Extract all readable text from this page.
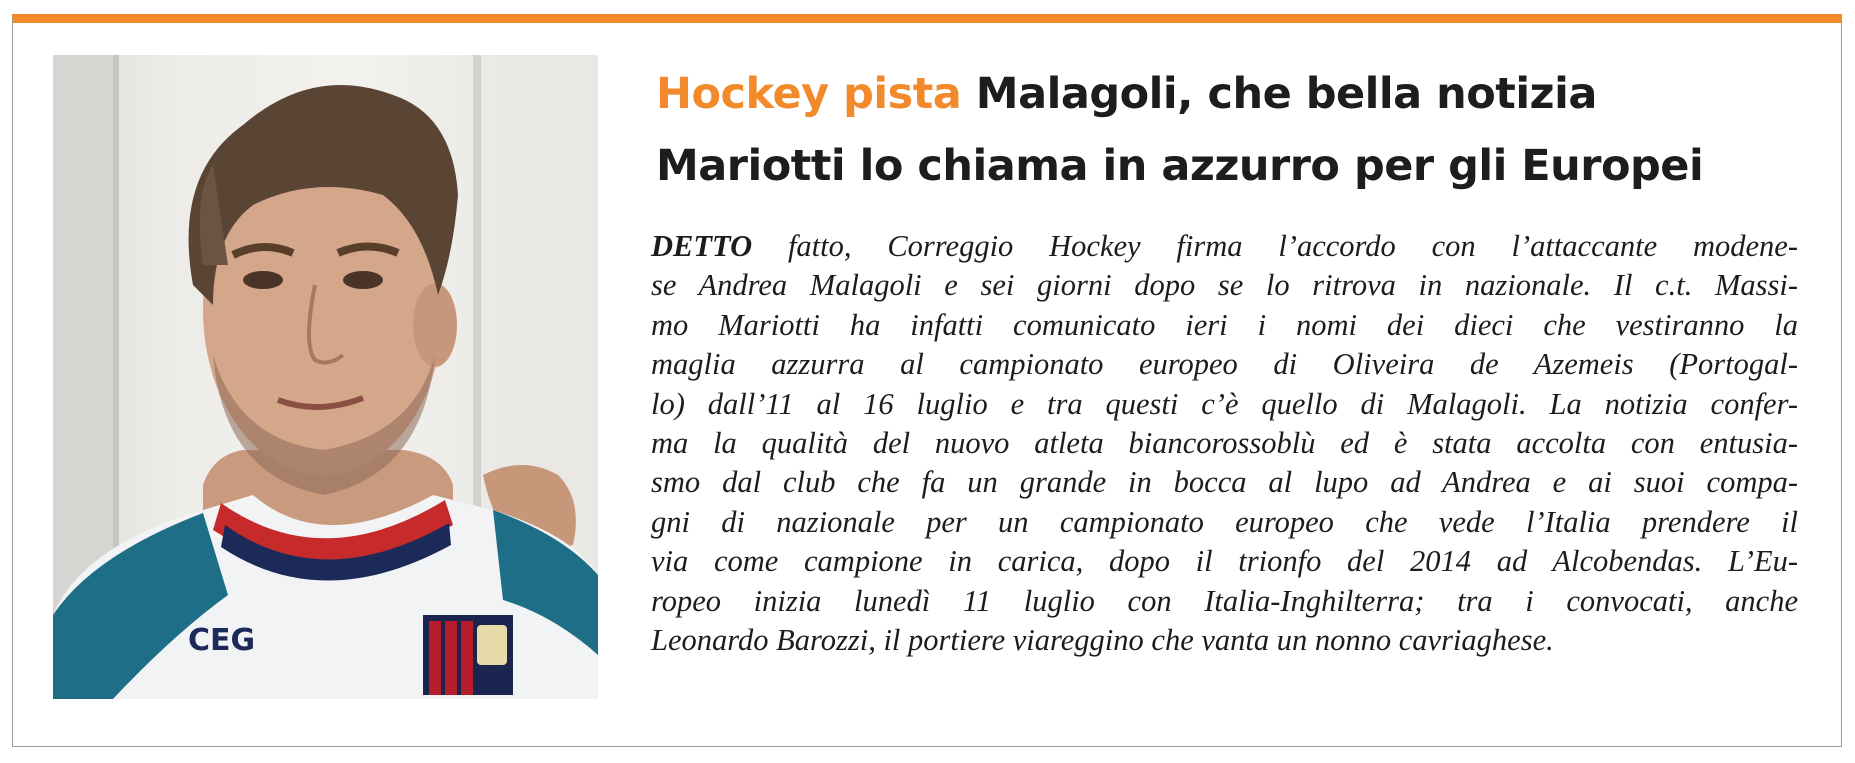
CEG
Hockey pista Malagoli, che bella notizia
Mariotti lo chiama in azzurro per gli Europei
DETTO fatto, Correggio Hockey firma l’accordo con l’attaccante modene-
se Andrea Malagoli e sei giorni dopo se lo ritrova in nazionale. Il c.t. Massi-
mo Mariotti ha infatti comunicato ieri i nomi dei dieci che vestiranno la
maglia azzurra al campionato europeo di Oliveira de Azemeis (Portogal-
lo) dall’11 al 16 luglio e tra questi c’è quello di Malagoli. La notizia confer-
ma la qualità del nuovo atleta biancorossoblù ed è stata accolta con entusia-
smo dal club che fa un grande in bocca al lupo ad Andrea e ai suoi compa-
gni di nazionale per un campionato europeo che vede l’Italia prendere il
via come campione in carica, dopo il trionfo del 2014 ad Alcobendas. L’Eu-
ropeo inizia lunedì 11 luglio con Italia-Inghilterra; tra i convocati, anche
Leonardo Barozzi, il portiere viareggino che vanta un nonno cavriaghese.
